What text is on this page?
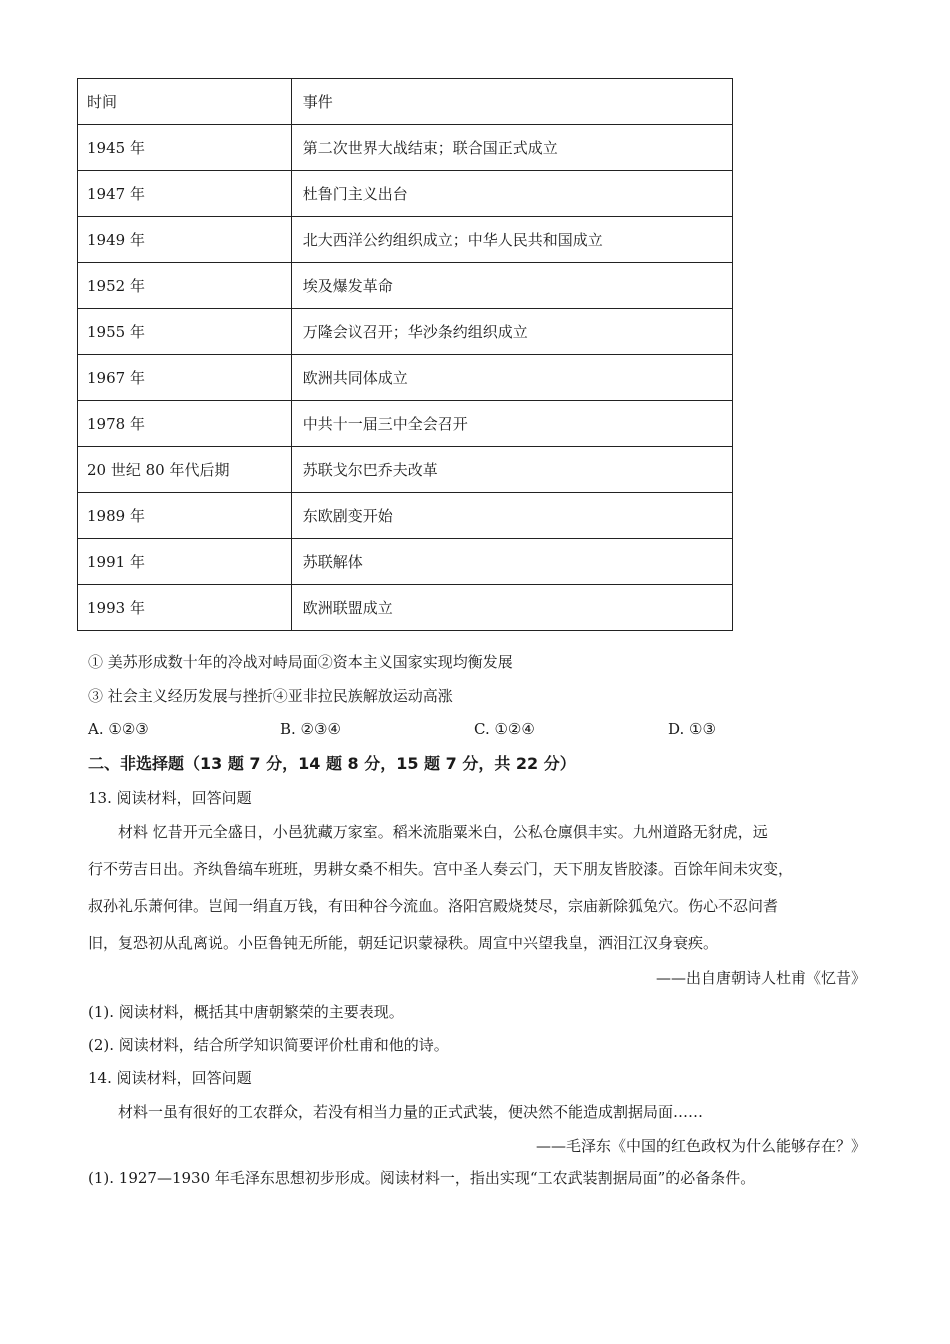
时间	事件
1945 年	第二次世界大战结束；联合国正式成立
1947 年	杜鲁门主义出台
1949 年	北大西洋公约组织成立；中华人民共和国成立
1952 年	埃及爆发革命
1955 年	万隆会议召开；华沙条约组织成立
1967 年	欧洲共同体成立
1978 年	中共十一届三中全会召开
20 世纪 80 年代后期	苏联戈尔巴乔夫改革
1989 年	东欧剧变开始
1991 年	苏联解体
1993 年	欧洲联盟成立
① 美苏形成数十年的冷战对峙局面②资本主义国家实现均衡发展
③ 社会主义经历发展与挫折④亚非拉民族解放运动高涨
A. ①②③	B. ②③④	C. ①②④	D. ①③
二、非选择题（13 题 7 分，14 题 8 分，15 题 7 分，共 22 分）
13. 阅读材料，回答问题
材料 忆昔开元全盛日，小邑犹藏万家室。稻米流脂粟米白，公私仓廪俱丰实。九州道路无豺虎，远
行不劳吉日出。齐纨鲁缟车班班，男耕女桑不相失。宫中圣人奏云门，天下朋友皆胶漆。百馀年间未灾变，
叔孙礼乐萧何律。岂闻一绢直万钱，有田种谷今流血。洛阳宫殿烧焚尽，宗庙新除狐兔穴。伤心不忍问耆
旧，复恐初从乱离说。小臣鲁钝无所能，朝廷记识蒙禄秩。周宣中兴望我皇，洒泪江汉身衰疾。
——出自唐朝诗人杜甫《忆昔》
(1). 阅读材料，概括其中唐朝繁荣的主要表现。
(2). 阅读材料，结合所学知识简要评价杜甫和他的诗。
14. 阅读材料，回答问题
材料一虽有很好的工农群众，若没有相当力量的正式武装，便决然不能造成割据局面……
——毛泽东《中国的红色政权为什么能够存在？》
(1). 1927—1930 年毛泽东思想初步形成。阅读材料一，指出实现“工农武装割据局面”的必备条件。
